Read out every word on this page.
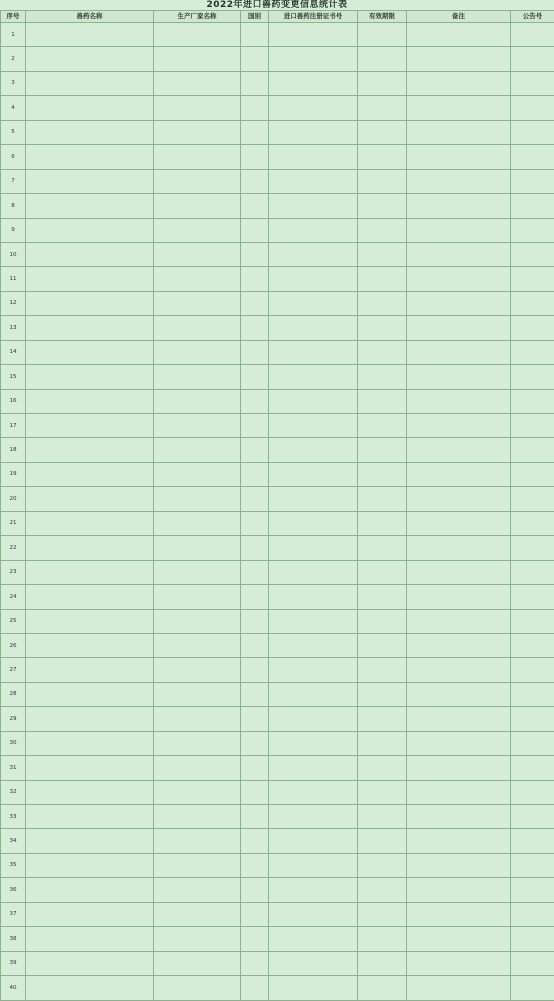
2022年进口兽药变更信息统计表
序号	兽药名称	生产厂家名称	国别	进口兽药注册证书号	有效期限	备注	公告号
1							
2							
3							
4							
5							
6							
7							
8							
9							
10							
11							
12							
13							
14							
15							
16							
17							
18							
19							
20							
21							
22							
23							
24							
25							
26							
27							
28							
29							
30							
31							
32							
33							
34							
35							
36							
37							
38							
39							
40							
